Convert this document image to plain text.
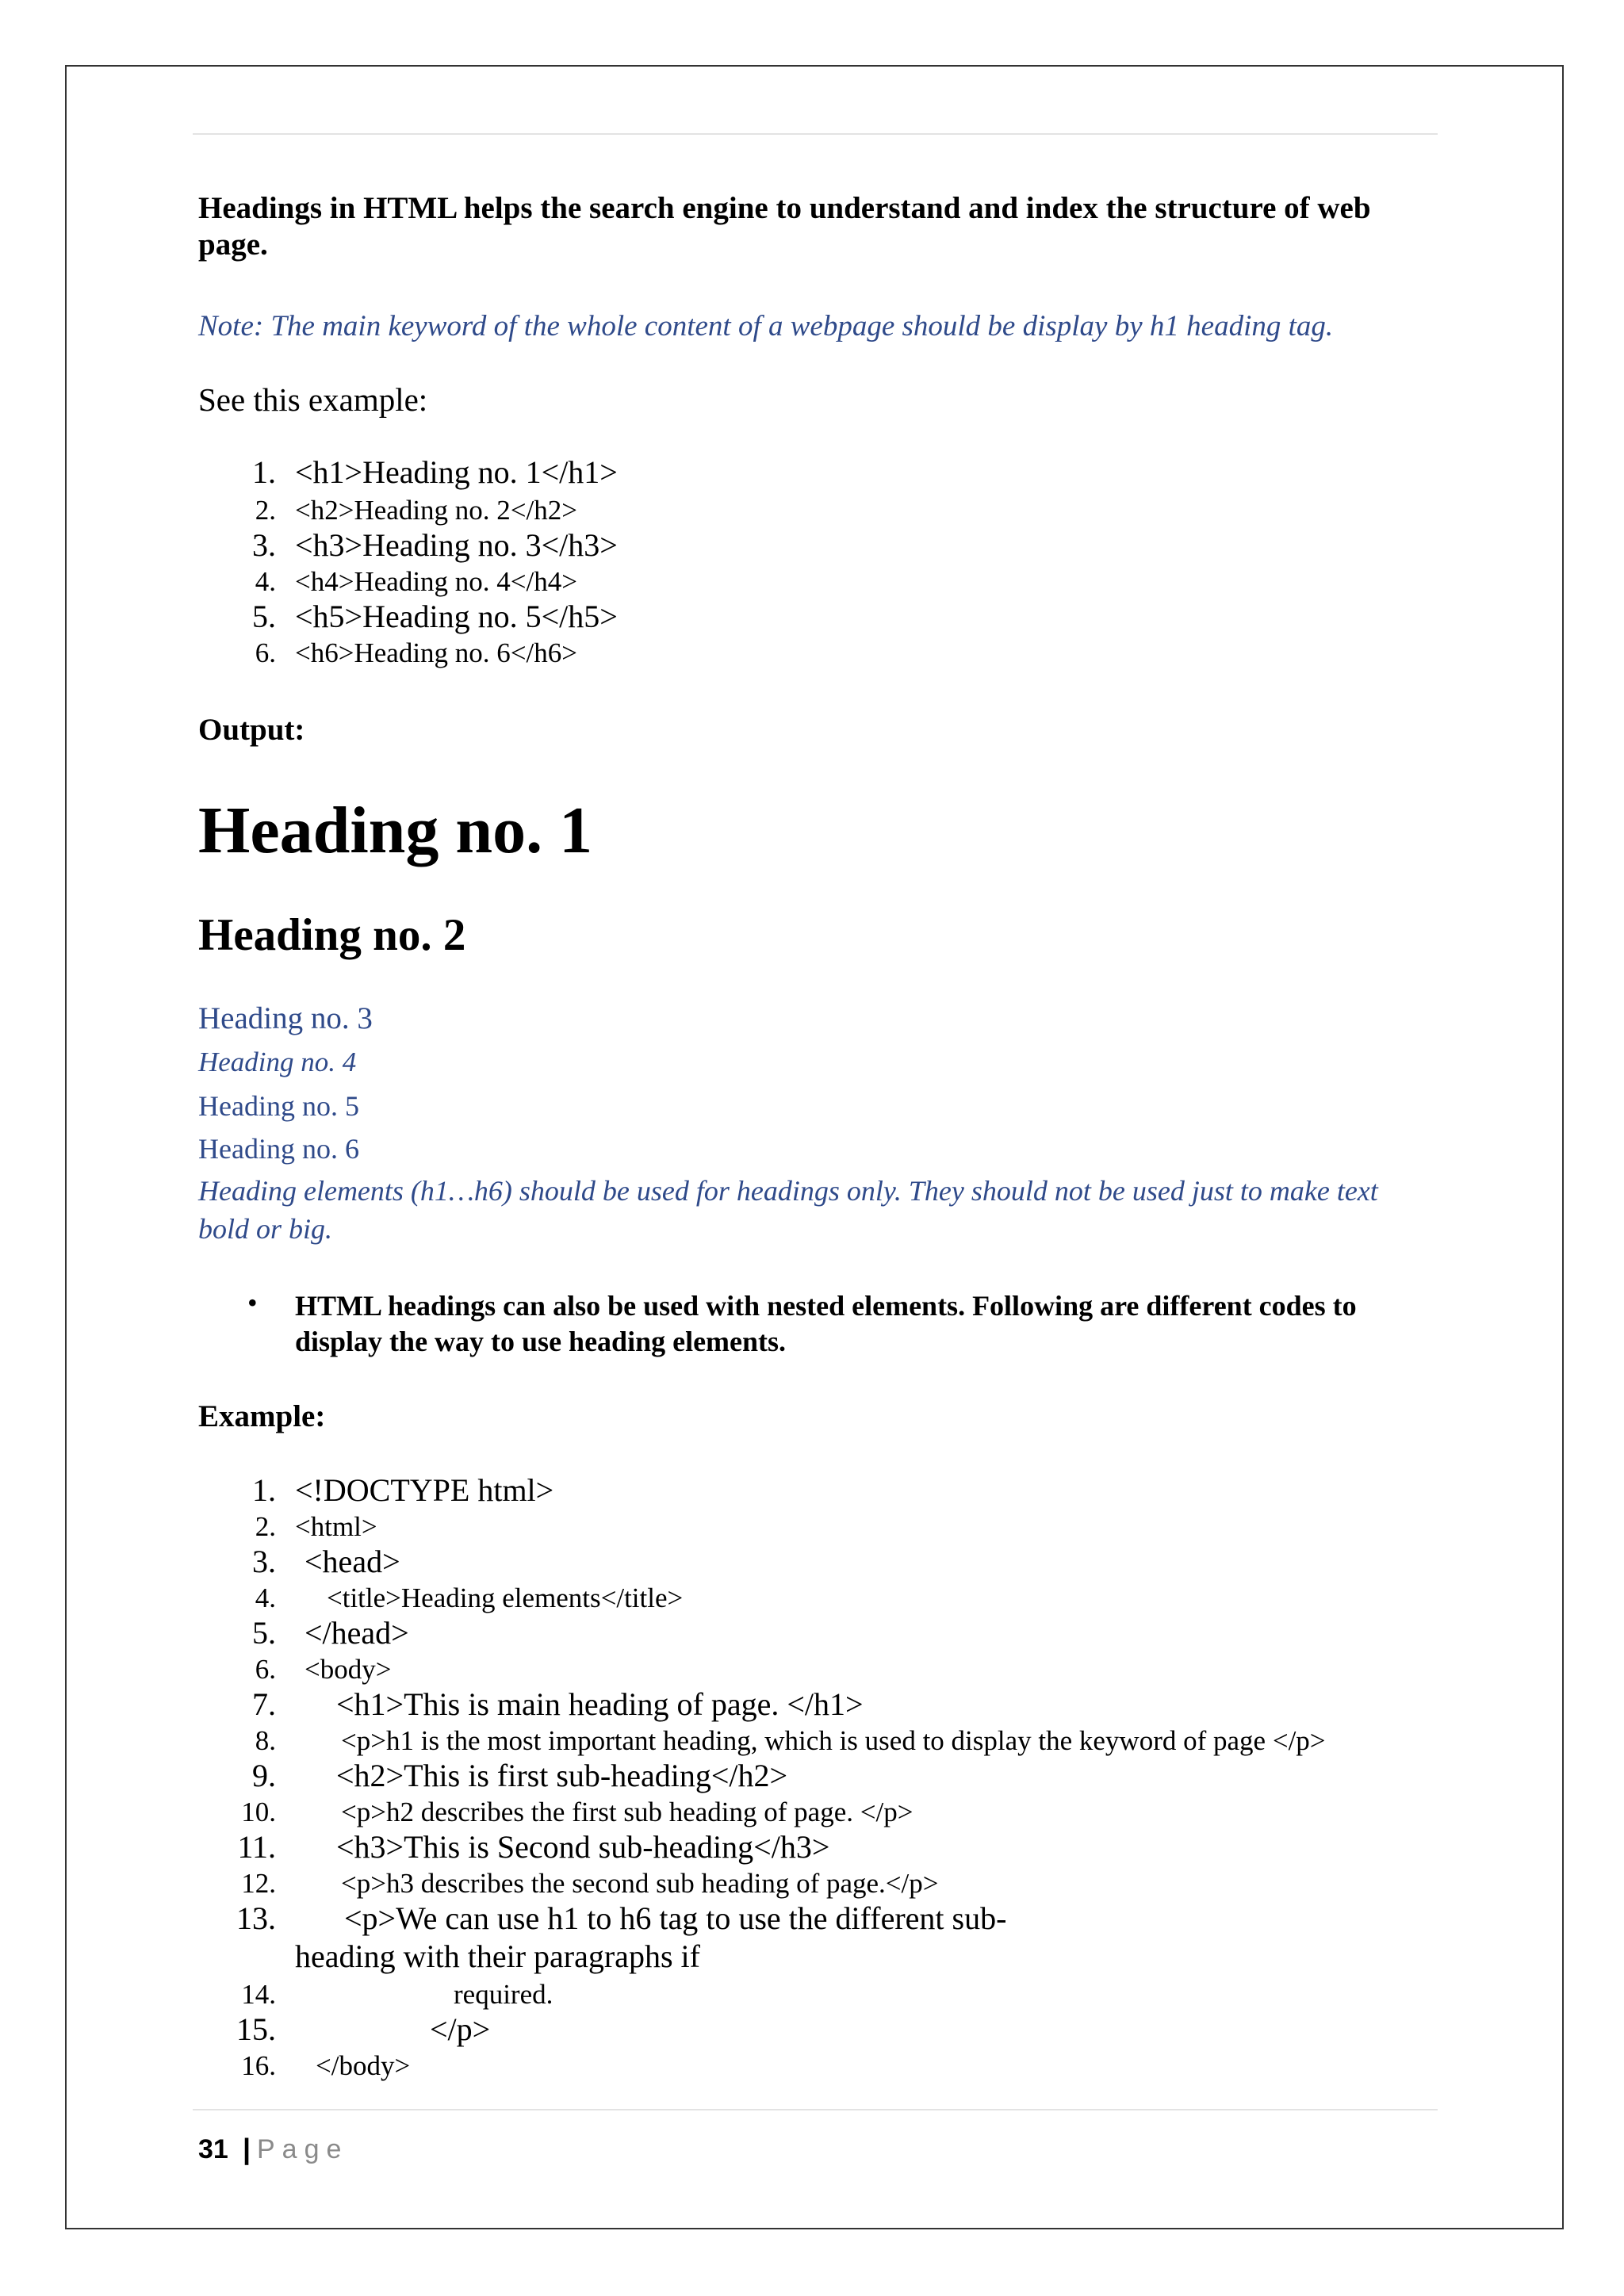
Headings in HTML helps the search engine to understand and index the structure of web page.
Note: The main keyword of the whole content of a webpage should be display by h1 heading tag.
See this example:
1. <h1>Heading no. 1</h1>
2. <h2>Heading no. 2</h2>
3. <h3>Heading no. 3</h3>
4. <h4>Heading no. 4</h4>
5. <h5>Heading no. 5</h5>
6. <h6>Heading no. 6</h6>
Output:
Heading no. 1
Heading no. 2
Heading no. 3
Heading no. 4
Heading no. 5
Heading no. 6
Heading elements (h1…h6) should be used for headings only. They should not be used just to make text bold or big.
• HTML headings can also be used with nested elements. Following are different codes to display the way to use heading elements.
Example:
1. <!DOCTYPE html>
2. <html>
3. <head>
4. <title>Heading elements</title>
5. </head>
6. <body>
7. <h1>This is main heading of page. </h1>
8. <p>h1 is the most important heading, which is used to display the keyword of page </p>
9. <h2>This is first sub-heading</h2>
10. <p>h2 describes the first sub heading of page. </p>
11. <h3>This is Second sub-heading</h3>
12. <p>h3 describes the second sub heading of page.</p>
13. <p>We can use h1 to h6 tag to use the different sub-
heading with their paragraphs if
14.	required.
15.	</p>
16. </body>
31 | Page
